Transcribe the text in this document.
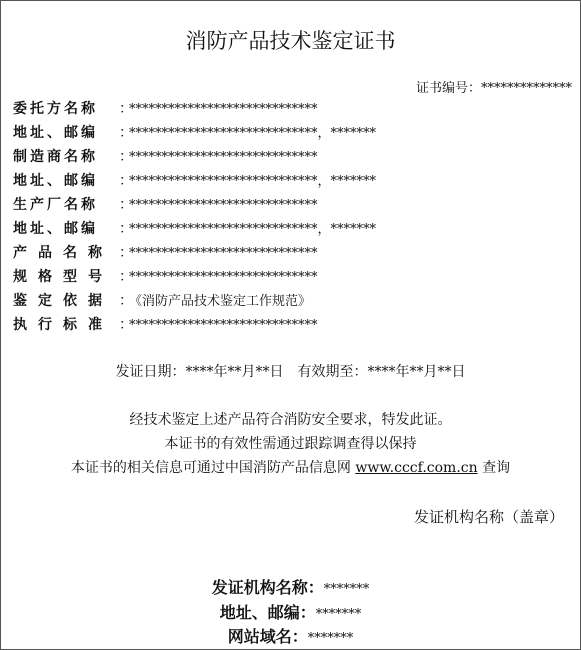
消防产品技术鉴定证书
证书编号：**************
委托方名称 ：*****************************
地址、邮编 ：*****************************，*******
制造商名称 ：*****************************
地址、邮编 ：*****************************，*******
生产厂名称 ：*****************************
地址、邮编 ：*****************************，*******
产品名称 ：*****************************
规格型号 ：*****************************
鉴定依据 ：《消防产品技术鉴定工作规范》
执行标准 ：*****************************
发证日期：****年**月**日 有效期至：****年**月**日
经技术鉴定上述产品符合消防安全要求，特发此证。
本证书的有效性需通过跟踪调查得以保持
本证书的相关信息可通过中国消防产品信息网 www.cccf.com.cn 查询
发证机构名称（盖章）
发证机构名称：*******
地址、邮编：*******
网站域名：*******
